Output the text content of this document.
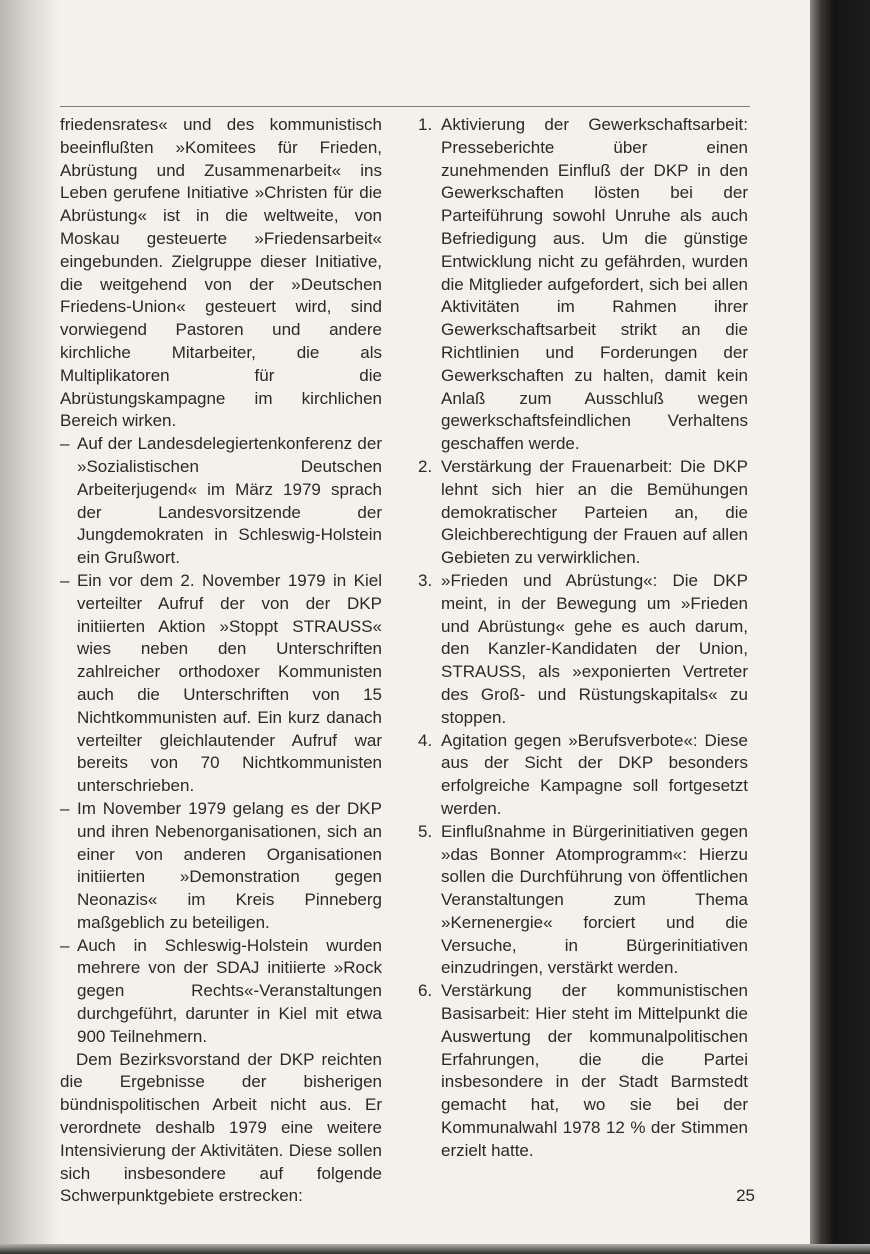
friedensrates« und des kommunistisch beeinflußten »Komitees für Frieden, Abrüstung und Zusammenarbeit« ins Leben gerufene Initiative »Christen für die Abrüstung« ist in die weltweite, von Moskau gesteuerte »Friedensarbeit« eingebunden. Zielgruppe dieser Initiative, die weitgehend von der »Deutschen Friedens-Union« gesteuert wird, sind vorwiegend Pastoren und andere kirchliche Mitarbeiter, die als Multiplikatoren für die Abrüstungskampagne im kirchlichen Bereich wirken.

– Auf der Landesdelegiertenkonferenz der »Sozialistischen Deutschen Arbeiterjugend« im März 1979 sprach der Landesvorsitzende der Jungdemokraten in Schleswig-Holstein ein Grußwort.
– Ein vor dem 2. November 1979 in Kiel verteilter Aufruf der von der DKP initiierten Aktion »Stoppt STRAUSS« wies neben den Unterschriften zahlreicher orthodoxer Kommunisten auch die Unterschriften von 15 Nichtkommunisten auf. Ein kurz danach verteilter gleichlautender Aufruf war bereits von 70 Nichtkommunisten unterschrieben.
– Im November 1979 gelang es der DKP und ihren Nebenorganisationen, sich an einer von anderen Organisationen initiierten »Demonstration gegen Neonazis« im Kreis Pinneberg maßgeblich zu beteiligen.
– Auch in Schleswig-Holstein wurden mehrere von der SDAJ initiierte »Rock gegen Rechts«-Veranstaltungen durchgeführt, darunter in Kiel mit etwa 900 Teilnehmern.

Dem Bezirksvorstand der DKP reichten die Ergebnisse der bisherigen bündnispolitischen Arbeit nicht aus. Er verordnete deshalb 1979 eine weitere Intensivierung der Aktivitäten. Diese sollen sich insbesondere auf folgende Schwerpunktgebiete erstrecken:

1. Aktivierung der Gewerkschaftsarbeit: Presseberichte über einen zunehmenden Einfluß der DKP in den Gewerkschaften lösten bei der Parteiführung sowohl Unruhe als auch Befriedigung aus. Um die günstige Entwicklung nicht zu gefährden, wurden die Mitglieder aufgefordert, sich bei allen Aktivitäten im Rahmen ihrer Gewerkschaftsarbeit strikt an die Richtlinien und Forderungen der Gewerkschaften zu halten, damit kein Anlaß zum Ausschluß wegen gewerkschaftsfeindlichen Verhaltens geschaffen werde.
2. Verstärkung der Frauenarbeit: Die DKP lehnt sich hier an die Bemühungen demokratischer Parteien an, die Gleichberechtigung der Frauen auf allen Gebieten zu verwirklichen.
3. »Frieden und Abrüstung«: Die DKP meint, in der Bewegung um »Frieden und Abrüstung« gehe es auch darum, den Kanzler-Kandidaten der Union, STRAUSS, als »exponierten Vertreter des Groß- und Rüstungskapitals« zu stoppen.
4. Agitation gegen »Berufsverbote«: Diese aus der Sicht der DKP besonders erfolgreiche Kampagne soll fortgesetzt werden.
5. Einflußnahme in Bürgerinitiativen gegen »das Bonner Atomprogramm«: Hierzu sollen die Durchführung von öffentlichen Veranstaltungen zum Thema »Kernenergie« forciert und die Versuche, in Bürgerinitiativen einzudringen, verstärkt werden.
6. Verstärkung der kommunistischen Basisarbeit: Hier steht im Mittelpunkt die Auswertung der kommunalpolitischen Erfahrungen, die die Partei insbesondere in der Stadt Barmstedt gemacht hat, wo sie bei der Kommunalwahl 1978 12 % der Stimmen erzielt hatte.
25
